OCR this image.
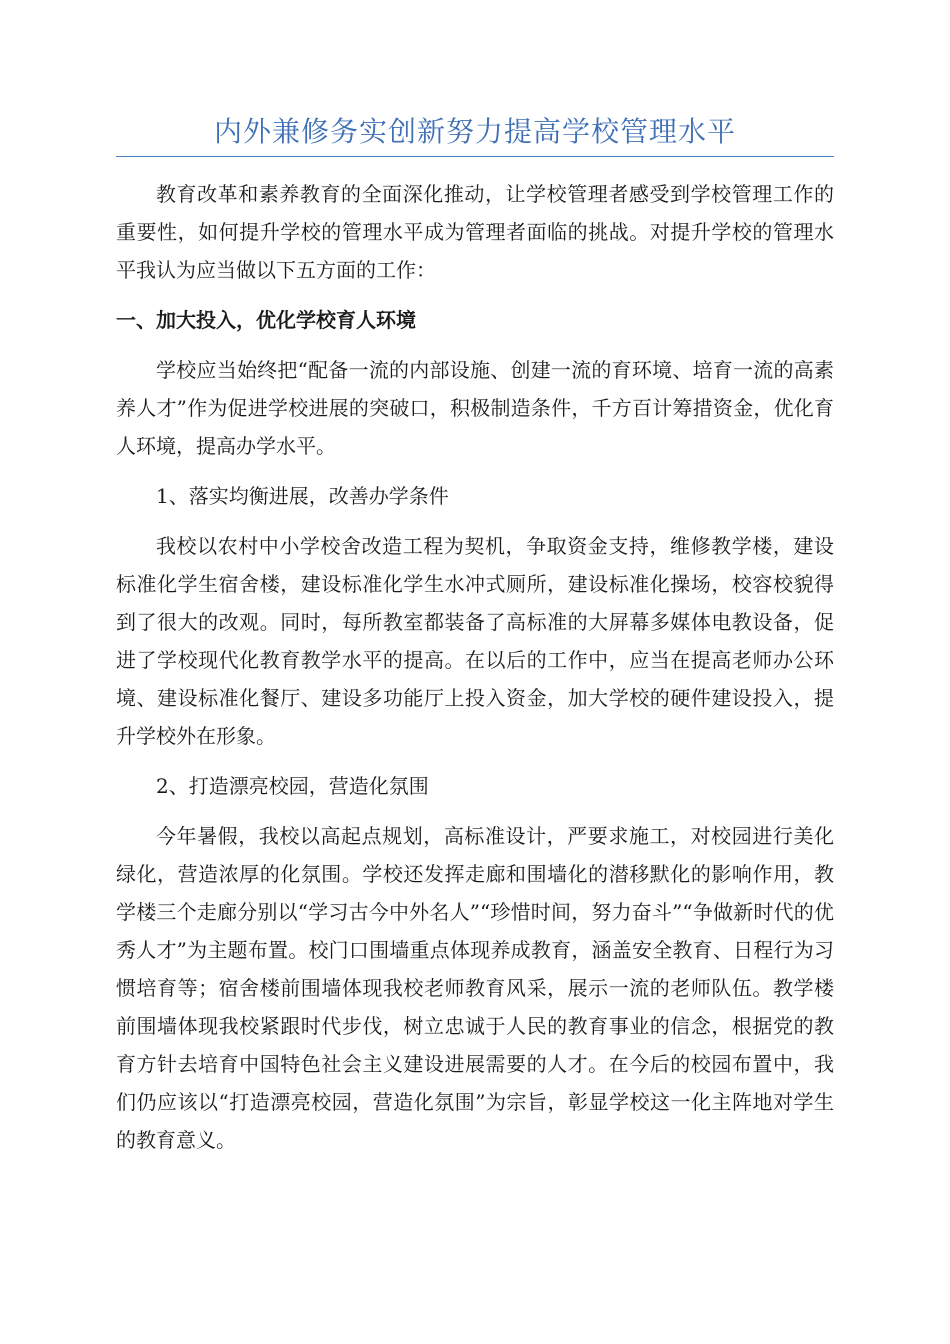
内外兼修务实创新努力提高学校管理水平

教育改革和素养教育的全面深化推动，让学校管理者感受到学校管理工作的重要性，如何提升学校的管理水平成为管理者面临的挑战。对提升学校的管理水平我认为应当做以下五方面的工作：

一、加大投入，优化学校育人环境

学校应当始终把“配备一流的内部设施、创建一流的育环境、培育一流的高素养人才”作为促进学校进展的突破口，积极制造条件，千方百计筹措资金，优化育人环境，提高办学水平。

1、落实均衡进展，改善办学条件

我校以农村中小学校舍改造工程为契机，争取资金支持，维修教学楼，建设标准化学生宿舍楼，建设标准化学生水冲式厕所，建设标准化操场，校容校貌得到了很大的改观。同时，每所教室都装备了高标准的大屏幕多媒体电教设备，促进了学校现代化教育教学水平的提高。在以后的工作中，应当在提高老师办公环境、建设标准化餐厅、建设多功能厅上投入资金，加大学校的硬件建设投入，提升学校外在形象。

2、打造漂亮校园，营造化氛围

今年暑假，我校以高起点规划，高标准设计，严要求施工，对校园进行美化绿化，营造浓厚的化氛围。学校还发挥走廊和围墙化的潜移默化的影响作用，教学楼三个走廊分别以“学习古今中外名人”“珍惜时间，努力奋斗”“争做新时代的优秀人才”为主题布置。校门口围墙重点体现养成教育，涵盖安全教育、日程行为习惯培育等；宿舍楼前围墙体现我校老师教育风采，展示一流的老师队伍。教学楼前围墙体现我校紧跟时代步伐，树立忠诚于人民的教育事业的信念，根据党的教育方针去培育中国特色社会主义建设进展需要的人才。在今后的校园布置中，我们仍应该以“打造漂亮校园，营造化氛围”为宗旨，彰显学校这一化主阵地对学生的教育意义。
